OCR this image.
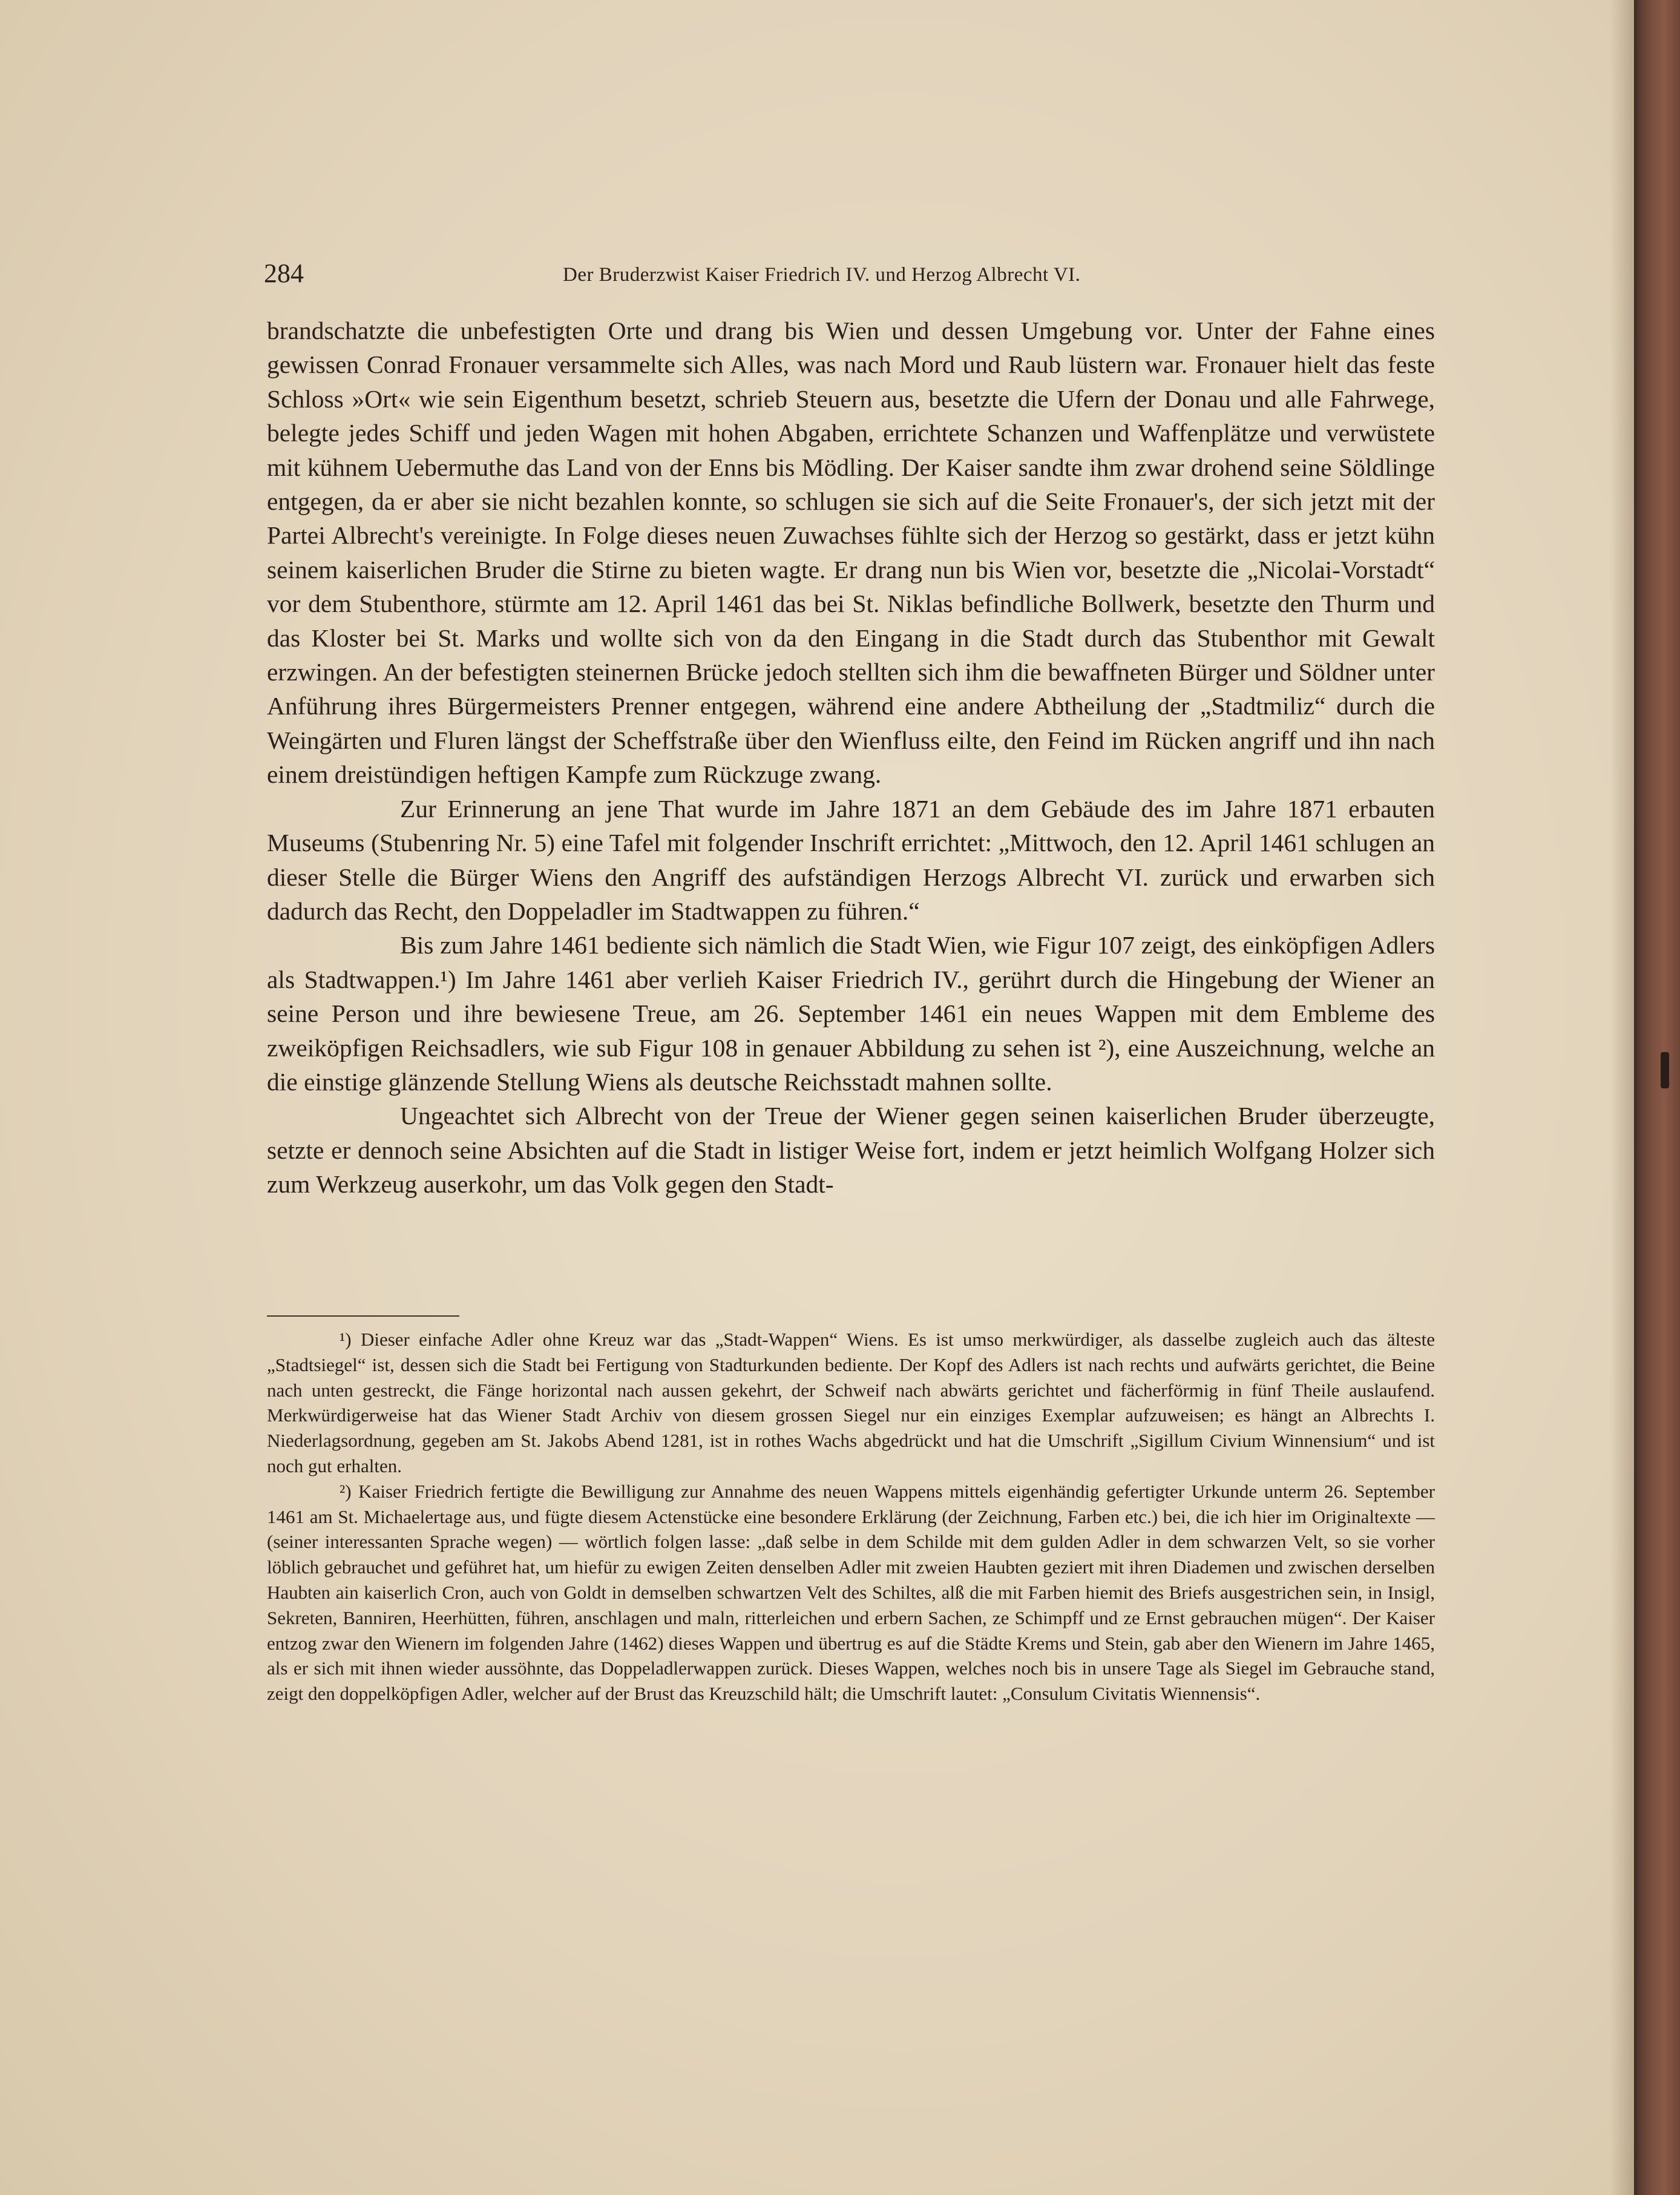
284	Der Bruderzwist Kaiser Friedrich IV. und Herzog Albrecht VI.

brandschatzte die unbefestigten Orte und drang bis Wien und dessen Umgebung vor. Unter der Fahne eines gewissen Conrad Fronauer versammelte sich Alles, was nach Mord und Raub lüstern war. Fronauer hielt das feste Schloss »Ort« wie sein Eigenthum besetzt, schrieb Steuern aus, besetzte die Ufern der Donau und alle Fahrwege, belegte jedes Schiff und jeden Wagen mit hohen Abgaben, errichtete Schanzen und Waffenplätze und verwüstete mit kühnem Uebermuthe das Land von der Enns bis Mödling. Der Kaiser sandte ihm zwar drohend seine Söldlinge entgegen, da er aber sie nicht bezahlen konnte, so schlugen sie sich auf die Seite Fronauer's, der sich jetzt mit der Partei Albrecht's vereinigte. In Folge dieses neuen Zuwachses fühlte sich der Herzog so gestärkt, dass er jetzt kühn seinem kaiserlichen Bruder die Stirne zu bieten wagte. Er drang nun bis Wien vor, besetzte die „Nicolai-Vorstadt“ vor dem Stubenthore, stürmte am 12. April 1461 das bei St. Niklas befindliche Bollwerk, besetzte den Thurm und das Kloster bei St. Marks und wollte sich von da den Eingang in die Stadt durch das Stubenthor mit Gewalt erzwingen. An der befestigten steinernen Brücke jedoch stellten sich ihm die bewaffneten Bürger und Söldner unter Anführung ihres Bürgermeisters Prenner entgegen, während eine andere Abtheilung der „Stadtmiliz“ durch die Weingärten und Fluren längst der Scheffstraße über den Wienfluss eilte, den Feind im Rücken angriff und ihn nach einem dreistündigen heftigen Kampfe zum Rückzuge zwang.

Zur Erinnerung an jene That wurde im Jahre 1871 an dem Gebäude des im Jahre 1871 erbauten Museums (Stubenring Nr. 5) eine Tafel mit folgender Inschrift errichtet: „Mittwoch, den 12. April 1461 schlugen an dieser Stelle die Bürger Wiens den Angriff des aufständigen Herzogs Albrecht VI. zurück und erwarben sich dadurch das Recht, den Doppeladler im Stadtwappen zu führen.“

Bis zum Jahre 1461 bediente sich nämlich die Stadt Wien, wie Figur 107 zeigt, des einköpfigen Adlers als Stadtwappen.¹) Im Jahre 1461 aber verlieh Kaiser Friedrich IV., gerührt durch die Hingebung der Wiener an seine Person und ihre bewiesene Treue, am 26. September 1461 ein neues Wappen mit dem Embleme des zweiköpfigen Reichsadlers, wie sub Figur 108 in genauer Abbildung zu sehen ist ²), eine Auszeichnung, welche an die einstige glänzende Stellung Wiens als deutsche Reichsstadt mahnen sollte.

Ungeachtet sich Albrecht von der Treue der Wiener gegen seinen kaiserlichen Bruder überzeugte, setzte er dennoch seine Absichten auf die Stadt in listiger Weise fort, indem er jetzt heimlich Wolfgang Holzer sich zum Werkzeug auserkohr, um das Volk gegen den Stadt-

¹) Dieser einfache Adler ohne Kreuz war das „Stadt-Wappen“ Wiens. Es ist umso merkwürdiger, als dasselbe zugleich auch das älteste „Stadtsiegel“ ist, dessen sich die Stadt bei Fertigung von Stadturkunden bediente. Der Kopf des Adlers ist nach rechts und aufwärts gerichtet, die Beine nach unten gestreckt, die Fänge horizontal nach aussen gekehrt, der Schweif nach abwärts gerichtet und fächerförmig in fünf Theile auslaufend. Merkwürdigerweise hat das Wiener Stadt Archiv von diesem grossen Siegel nur ein einziges Exemplar aufzuweisen; es hängt an Albrechts I. Niederlagsordnung, gegeben am St. Jakobs Abend 1281, ist in rothes Wachs abgedrückt und hat die Umschrift „Sigillum Civium Winnensium“ und ist noch gut erhalten.

²) Kaiser Friedrich fertigte die Bewilligung zur Annahme des neuen Wappens mittels eigenhändig gefertigter Urkunde unterm 26. September 1461 am St. Michaelertage aus, und fügte diesem Actenstücke eine besondere Erklärung (der Zeichnung, Farben etc.) bei, die ich hier im Originaltexte — (seiner interessanten Sprache wegen) — wörtlich folgen lasse: „daß selbe in dem Schilde mit dem gulden Adler in dem schwarzen Velt, so sie vorher löblich gebrauchet und geführet hat, um hiefür zu ewigen Zeiten denselben Adler mit zweien Haubten geziert mit ihren Diademen und zwischen derselben Haubten ain kaiserlich Cron, auch von Goldt in demselben schwartzen Velt des Schiltes, alß die mit Farben hiemit des Briefs ausgestrichen sein, in Insigl, Sekreten, Banniren, Heerhütten, führen, anschlagen und maln, ritterleichen und erbern Sachen, ze Schimpff und ze Ernst gebrauchen mügen“. Der Kaiser entzog zwar den Wienern im folgenden Jahre (1462) dieses Wappen und übertrug es auf die Städte Krems und Stein, gab aber den Wienern im Jahre 1465, als er sich mit ihnen wieder aussöhnte, das Doppeladlerwappen zurück. Dieses Wappen, welches noch bis in unsere Tage als Siegel im Gebrauche stand, zeigt den doppelköpfigen Adler, welcher auf der Brust das Kreuzschild hält; die Umschrift lautet: „Consulum Civitatis Wiennensis“.
